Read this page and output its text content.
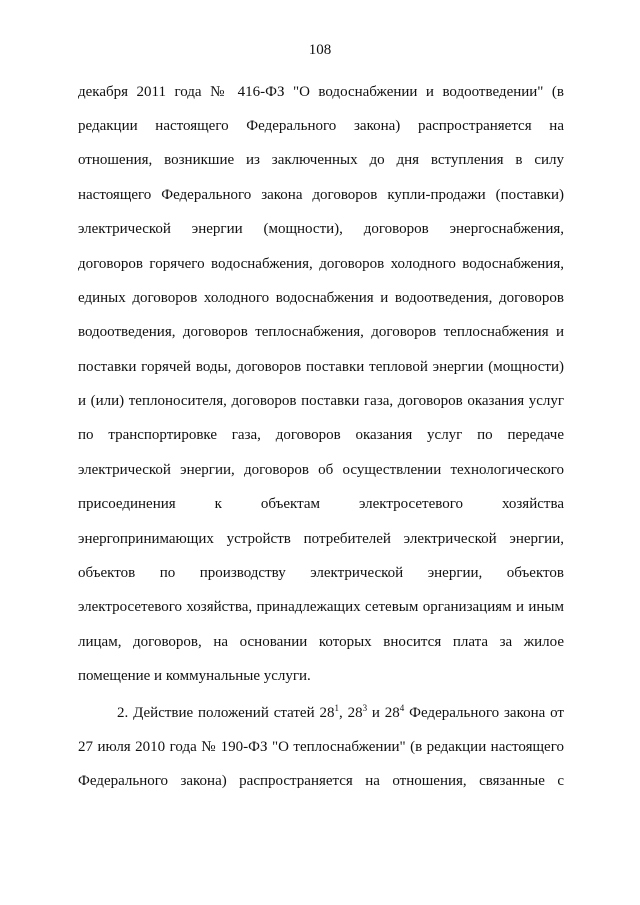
108
декабря 2011 года № 416-ФЗ "О водоснабжении и водоотведении" (в
редакции настоящего Федерального закона) распространяется на
отношения, возникшие из заключенных до дня вступления в силу
настоящего Федерального закона договоров купли-продажи (поставки)
электрической энергии (мощности), договоров энергоснабжения,
договоров горячего водоснабжения, договоров холодного водоснабжения,
единых договоров холодного водоснабжения и водоотведения, договоров
водоотведения, договоров теплоснабжения, договоров теплоснабжения и
поставки горячей воды, договоров поставки тепловой энергии (мощности)
и (или) теплоносителя, договоров поставки газа, договоров оказания услуг
по транспортировке газа, договоров оказания услуг по передаче
электрической энергии, договоров об осуществлении технологического
присоединения к объектам электросетевого хозяйства
энергопринимающих устройств потребителей электрической энергии,
объектов по производству электрической энергии, объектов
электросетевого хозяйства, принадлежащих сетевым организациям и иным
лицам, договоров, на основании которых вносится плата за жилое
помещение и коммунальные услуги.
2. Действие положений статей $28^1$, $28^3$ и $28^4$ Федерального закона от
27 июля 2010 года № 190-ФЗ "О теплоснабжении" (в редакции настоящего
Федерального закона) распространяется на отношения, связанные с
